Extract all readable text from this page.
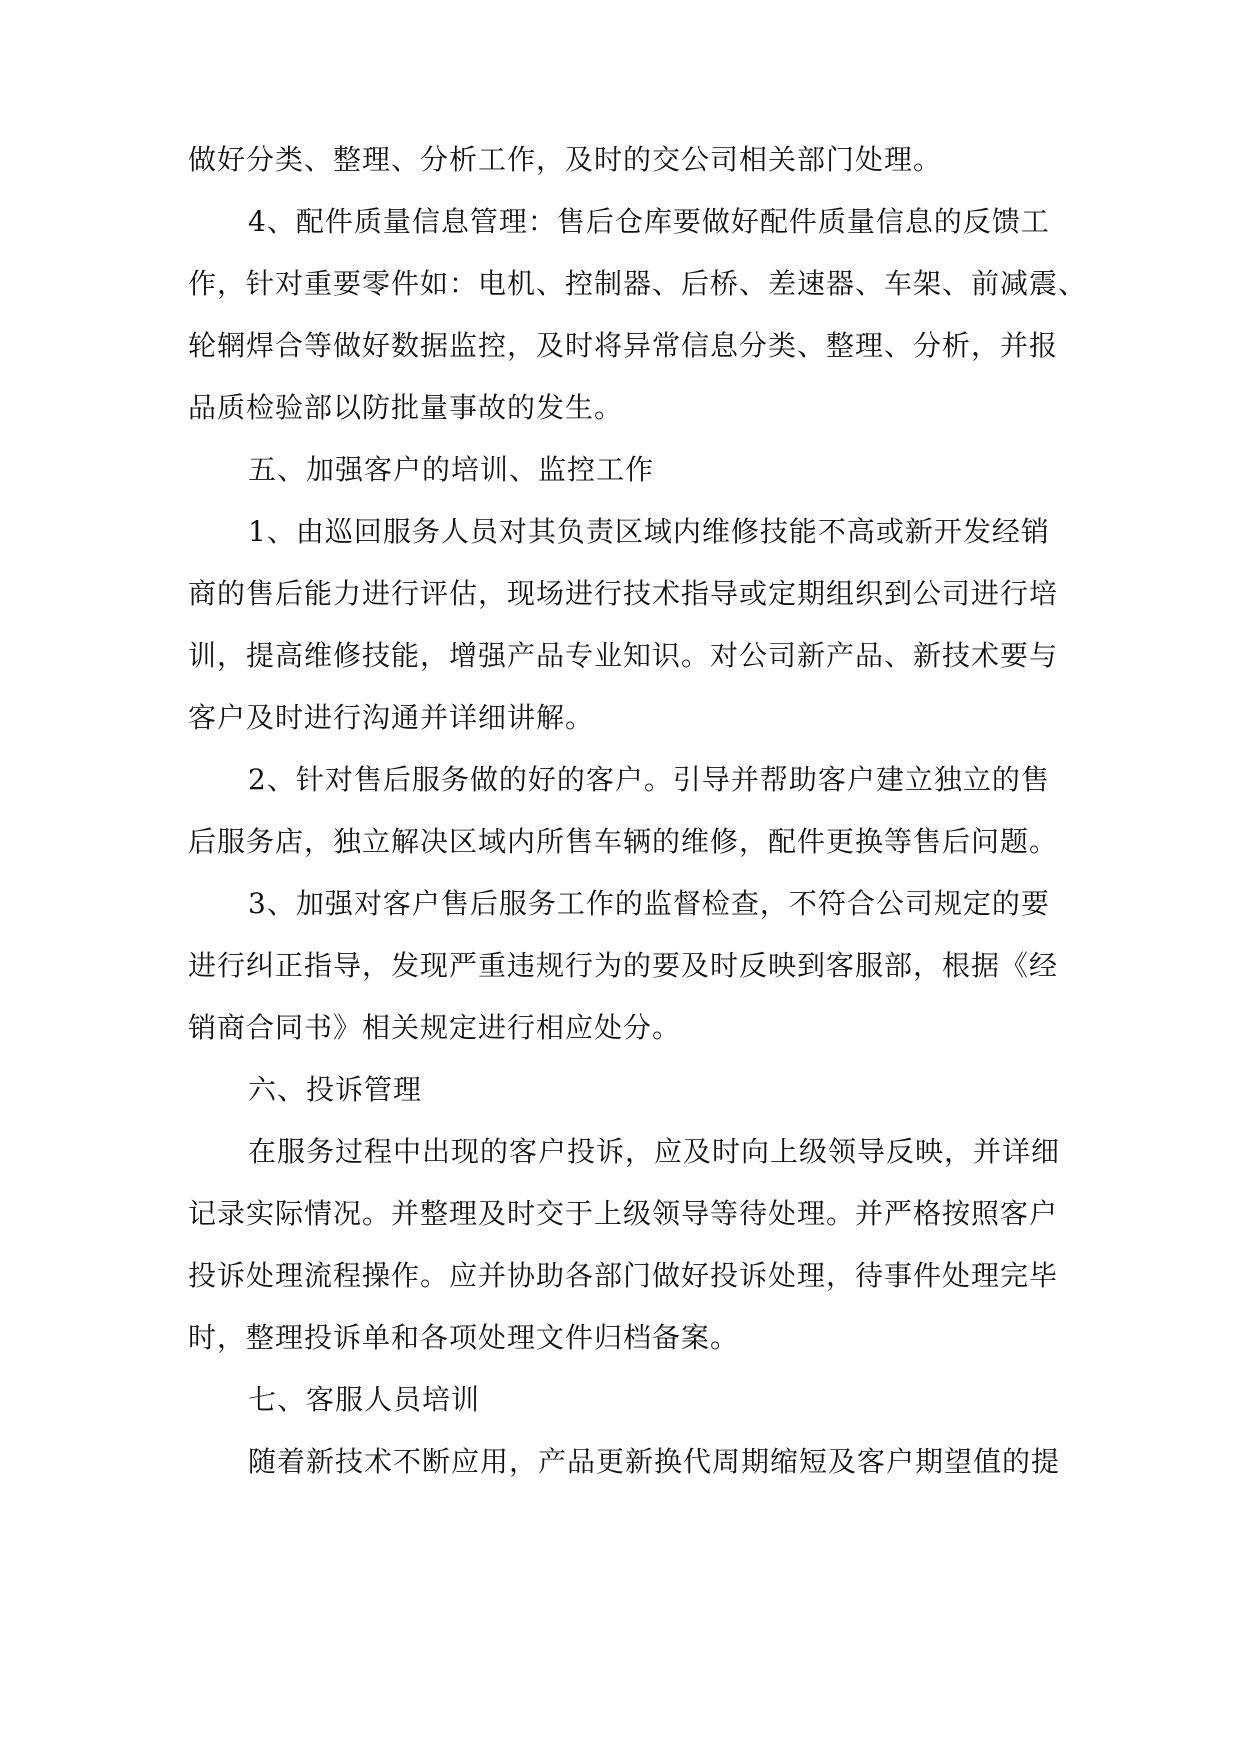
做好分类、整理、分析工作，及时的交公司相关部门处理。
4、配件质量信息管理：售后仓库要做好配件质量信息的反馈工
作，针对重要零件如：电机、控制器、后桥、差速器、车架、前减震、
轮辋焊合等做好数据监控，及时将异常信息分类、整理、分析，并报
品质检验部以防批量事故的发生。
五、加强客户的培训、监控工作
1、由巡回服务人员对其负责区域内维修技能不高或新开发经销
商的售后能力进行评估，现场进行技术指导或定期组织到公司进行培
训，提高维修技能，增强产品专业知识。对公司新产品、新技术要与
客户及时进行沟通并详细讲解。
2、针对售后服务做的好的客户。引导并帮助客户建立独立的售
后服务店，独立解决区域内所售车辆的维修，配件更换等售后问题。
3、加强对客户售后服务工作的监督检查，不符合公司规定的要
进行纠正指导，发现严重违规行为的要及时反映到客服部，根据《经
销商合同书》相关规定进行相应处分。
六、投诉管理
在服务过程中出现的客户投诉，应及时向上级领导反映，并详细
记录实际情况。并整理及时交于上级领导等待处理。并严格按照客户
投诉处理流程操作。应并协助各部门做好投诉处理，待事件处理完毕
时，整理投诉单和各项处理文件归档备案。
七、客服人员培训
随着新技术不断应用，产品更新换代周期缩短及客户期望值的提
